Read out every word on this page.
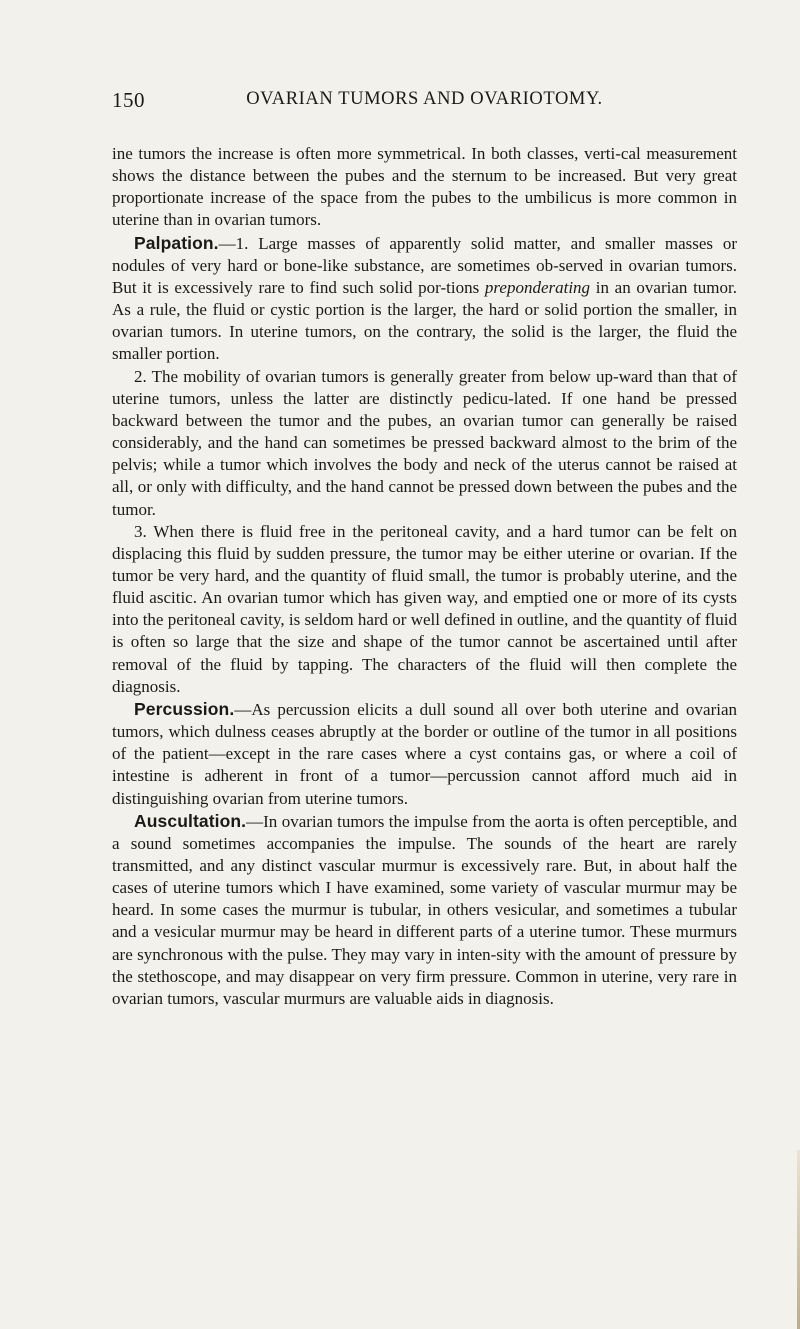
150	OVARIAN TUMORS AND OVARIOTOMY.

ine tumors the increase is often more symmetrical. In both classes, verti-cal measurement shows the distance between the pubes and the sternum to be increased. But very great proportionate increase of the space from the pubes to the umbilicus is more common in uterine than in ovarian tumors.

Palpation.—1. Large masses of apparently solid matter, and smaller masses or nodules of very hard or bone-like substance, are sometimes ob-served in ovarian tumors. But it is excessively rare to find such solid por-tions preponderating in an ovarian tumor. As a rule, the fluid or cystic portion is the larger, the hard or solid portion the smaller, in ovarian tumors. In uterine tumors, on the contrary, the solid is the larger, the fluid the smaller portion.

2. The mobility of ovarian tumors is generally greater from below up-ward than that of uterine tumors, unless the latter are distinctly pedicu-lated. If one hand be pressed backward between the tumor and the pubes, an ovarian tumor can generally be raised considerably, and the hand can sometimes be pressed backward almost to the brim of the pelvis; while a tumor which involves the body and neck of the uterus cannot be raised at all, or only with difficulty, and the hand cannot be pressed down between the pubes and the tumor.

3. When there is fluid free in the peritoneal cavity, and a hard tumor can be felt on displacing this fluid by sudden pressure, the tumor may be either uterine or ovarian. If the tumor be very hard, and the quantity of fluid small, the tumor is probably uterine, and the fluid ascitic. An ovarian tumor which has given way, and emptied one or more of its cysts into the peritoneal cavity, is seldom hard or well defined in outline, and the quantity of fluid is often so large that the size and shape of the tumor cannot be ascertained until after removal of the fluid by tapping. The characters of the fluid will then complete the diagnosis.

Percussion.—As percussion elicits a dull sound all over both uterine and ovarian tumors, which dulness ceases abruptly at the border or outline of the tumor in all positions of the patient—except in the rare cases where a cyst contains gas, or where a coil of intestine is adherent in front of a tumor—percussion cannot afford much aid in distinguishing ovarian from uterine tumors.

Auscultation.—In ovarian tumors the impulse from the aorta is often perceptible, and a sound sometimes accompanies the impulse. The sounds of the heart are rarely transmitted, and any distinct vascular murmur is excessively rare. But, in about half the cases of uterine tumors which I have examined, some variety of vascular murmur may be heard. In some cases the murmur is tubular, in others vesicular, and sometimes a tubular and a vesicular murmur may be heard in different parts of a uterine tumor. These murmurs are synchronous with the pulse. They may vary in inten-sity with the amount of pressure by the stethoscope, and may disappear on very firm pressure. Common in uterine, very rare in ovarian tumors, vascular murmurs are valuable aids in diagnosis.
